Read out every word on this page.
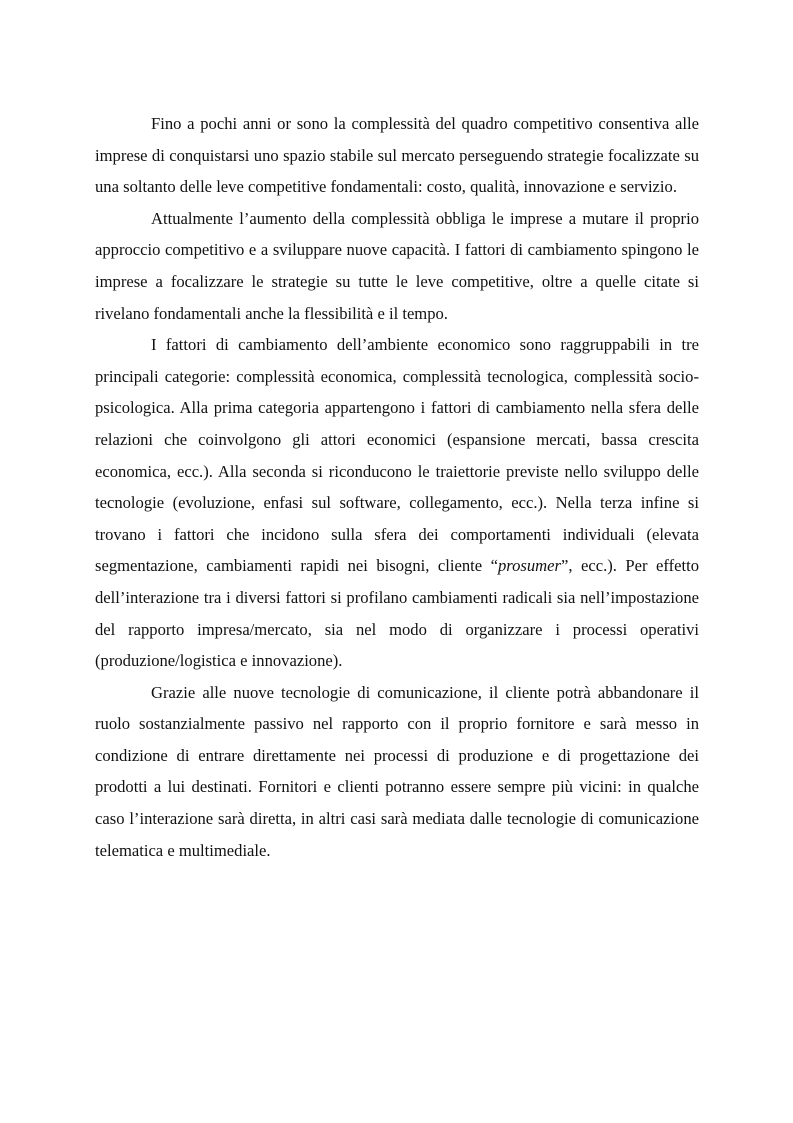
Fino a pochi anni or sono la complessità del quadro competitivo consentiva alle imprese di conquistarsi uno spazio stabile sul mercato perseguendo strategie focalizzate su una soltanto delle leve competitive fondamentali: costo, qualità, innovazione e servizio.

Attualmente l’aumento della complessità obbliga le imprese a mutare il proprio approccio competitivo e a sviluppare nuove capacità. I fattori di cambiamento spingono le imprese a focalizzare le strategie su tutte le leve competitive, oltre a quelle citate si rivelano fondamentali anche la flessibilità e il tempo.

I fattori di cambiamento dell’ambiente economico sono raggruppabili in tre principali categorie: complessità economica, complessità tecnologica, complessità socio-psicologica. Alla prima categoria appartengono i fattori di cambiamento nella sfera delle relazioni che coinvolgono gli attori economici (espansione mercati, bassa crescita economica, ecc.). Alla seconda si riconducono le traiettorie previste nello sviluppo delle tecnologie (evoluzione, enfasi sul software, collegamento, ecc.). Nella terza infine si trovano i fattori che incidono sulla sfera dei comportamenti individuali (elevata segmentazione, cambiamenti rapidi nei bisogni, cliente “prosumer”, ecc.). Per effetto dell’interazione tra i diversi fattori si profilano cambiamenti radicali sia nell’impostazione del rapporto impresa/mercato, sia nel modo di organizzare i processi operativi (produzione/logistica e innovazione).

Grazie alle nuove tecnologie di comunicazione, il cliente potrà abbandonare il ruolo sostanzialmente passivo nel rapporto con il proprio fornitore e sarà messo in condizione di entrare direttamente nei processi di produzione e di progettazione dei prodotti a lui destinati. Fornitori e clienti potranno essere sempre più vicini: in qualche caso l’interazione sarà diretta, in altri casi sarà mediata dalle tecnologie di comunicazione telematica e multimediale.
